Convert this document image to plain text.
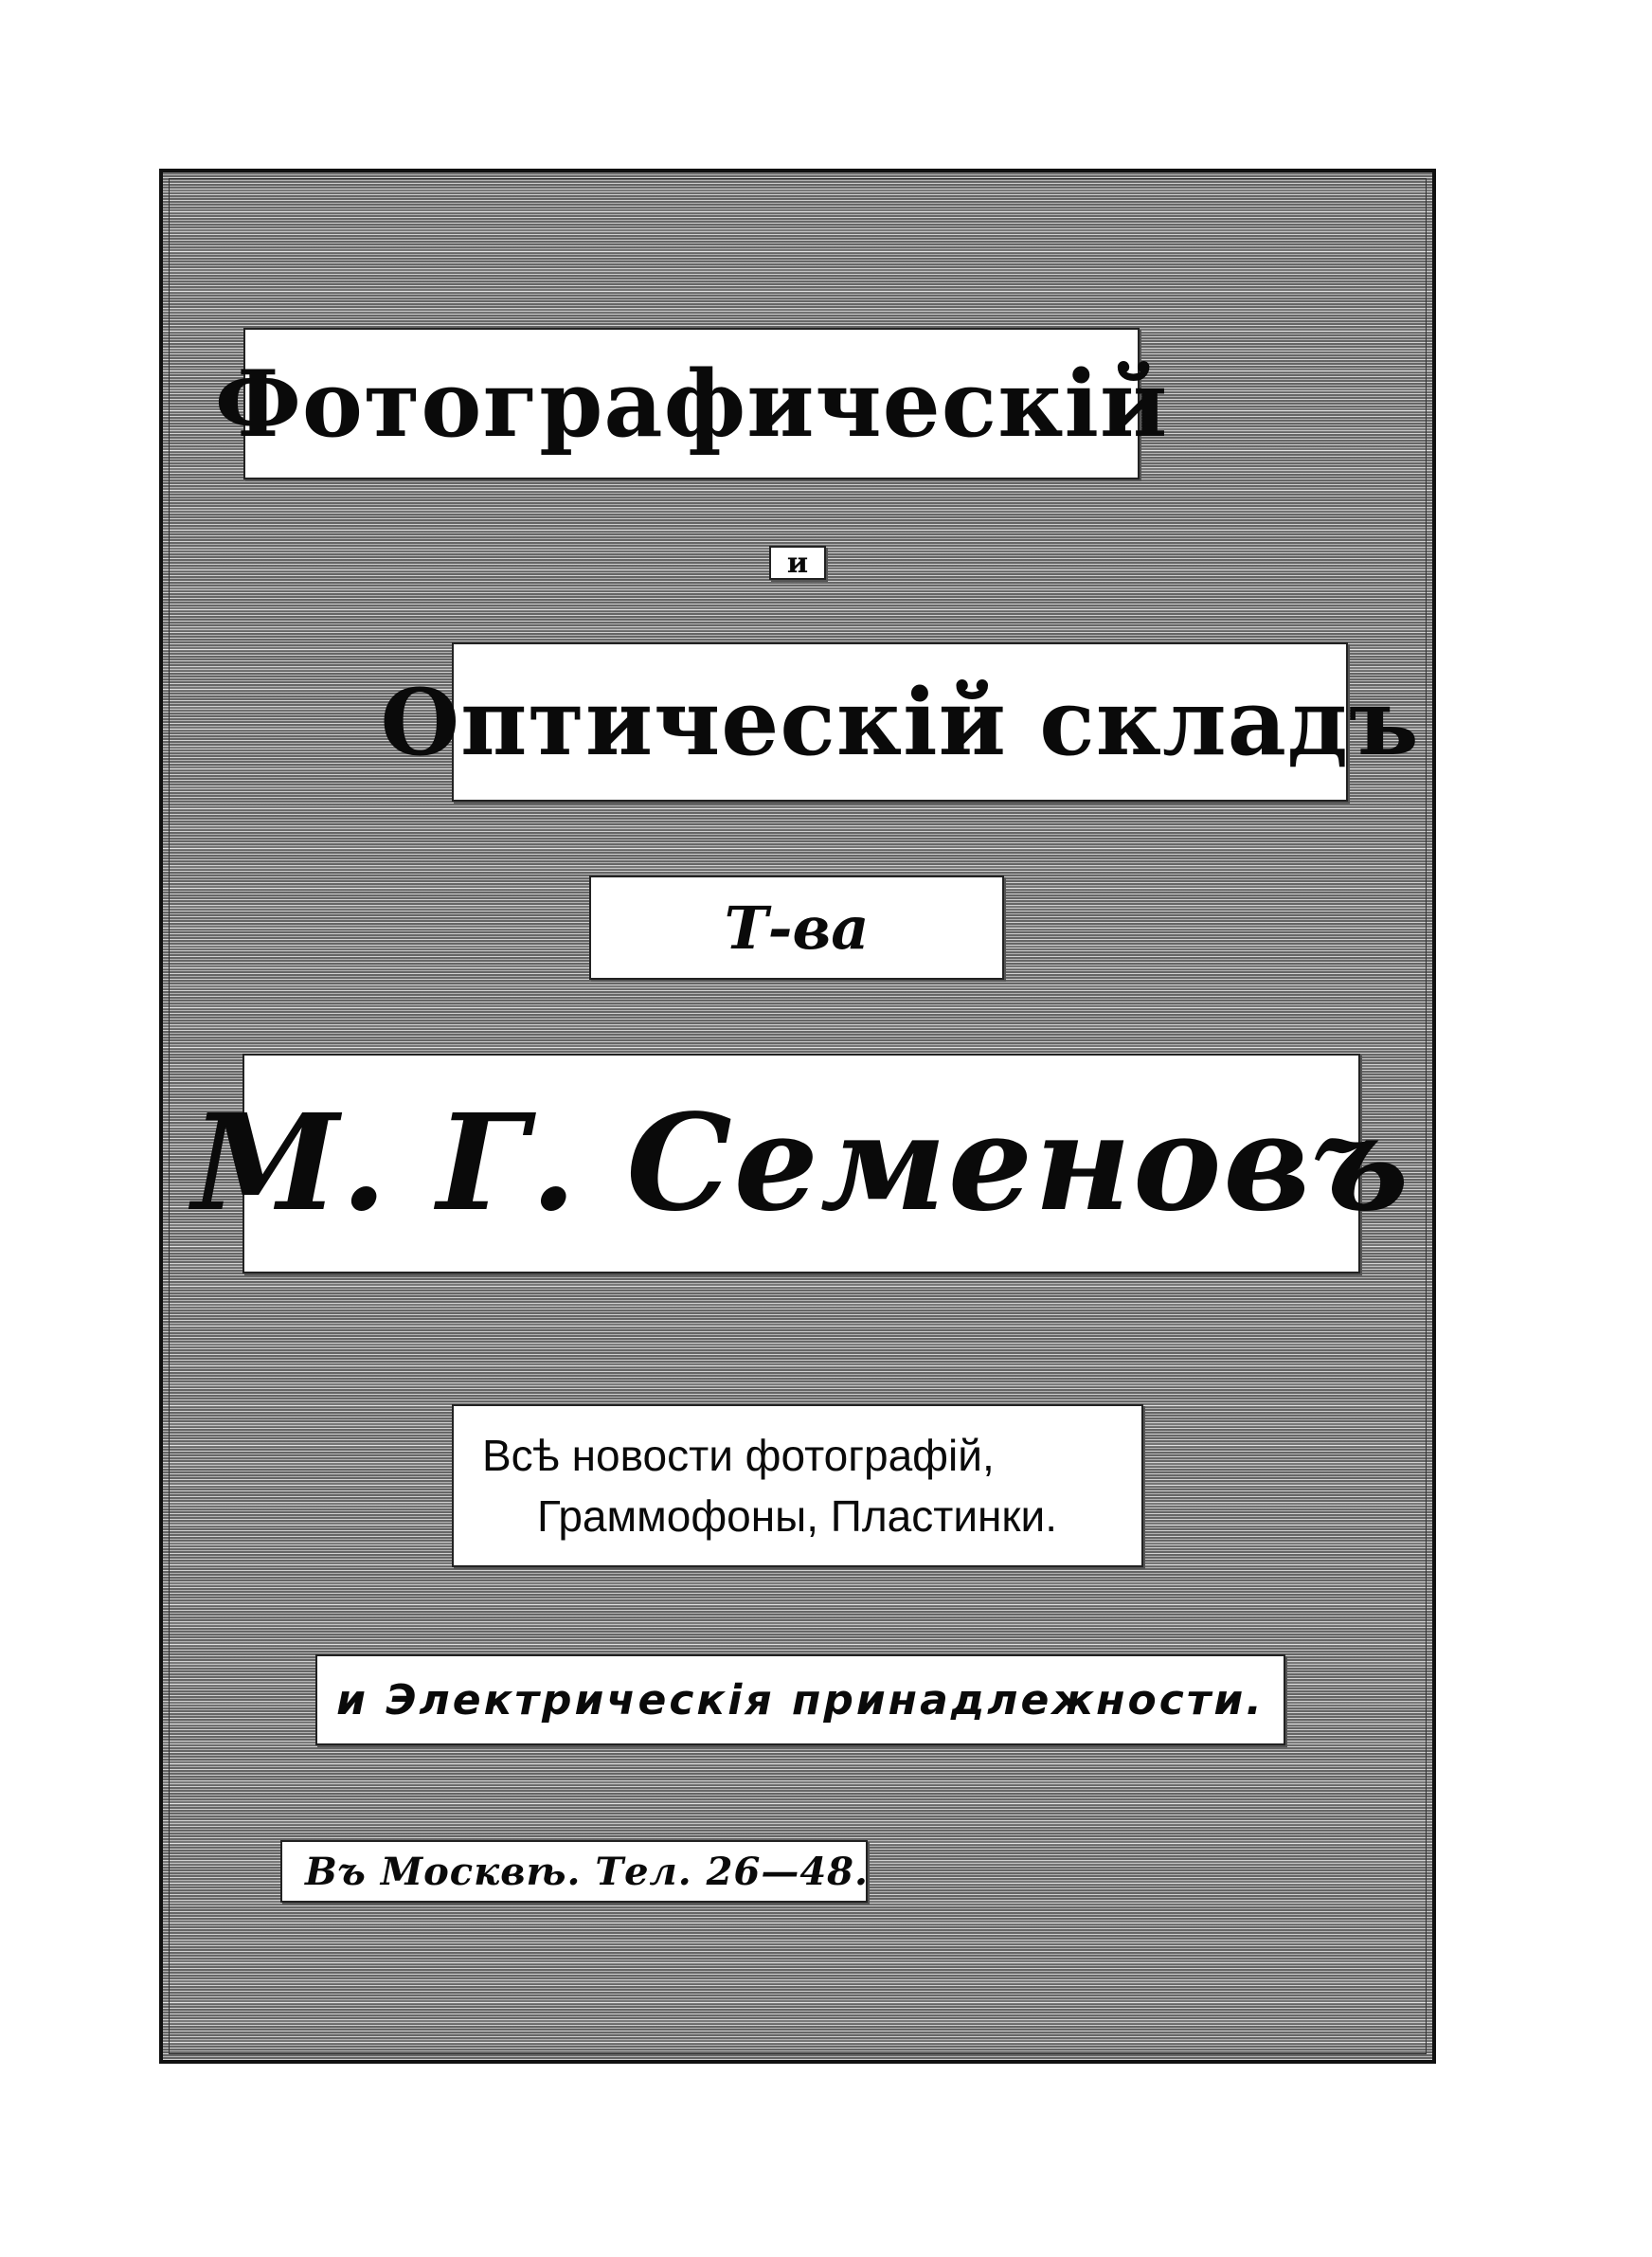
Фотографическій
и
Оптическій складъ
Т-ва
М. Г. Семеновъ
Всѣ новости фотографій,
Граммофоны, Пластинки.
и Электрическія принадлежности.
Въ Москвѣ. Тел. 26—48.
